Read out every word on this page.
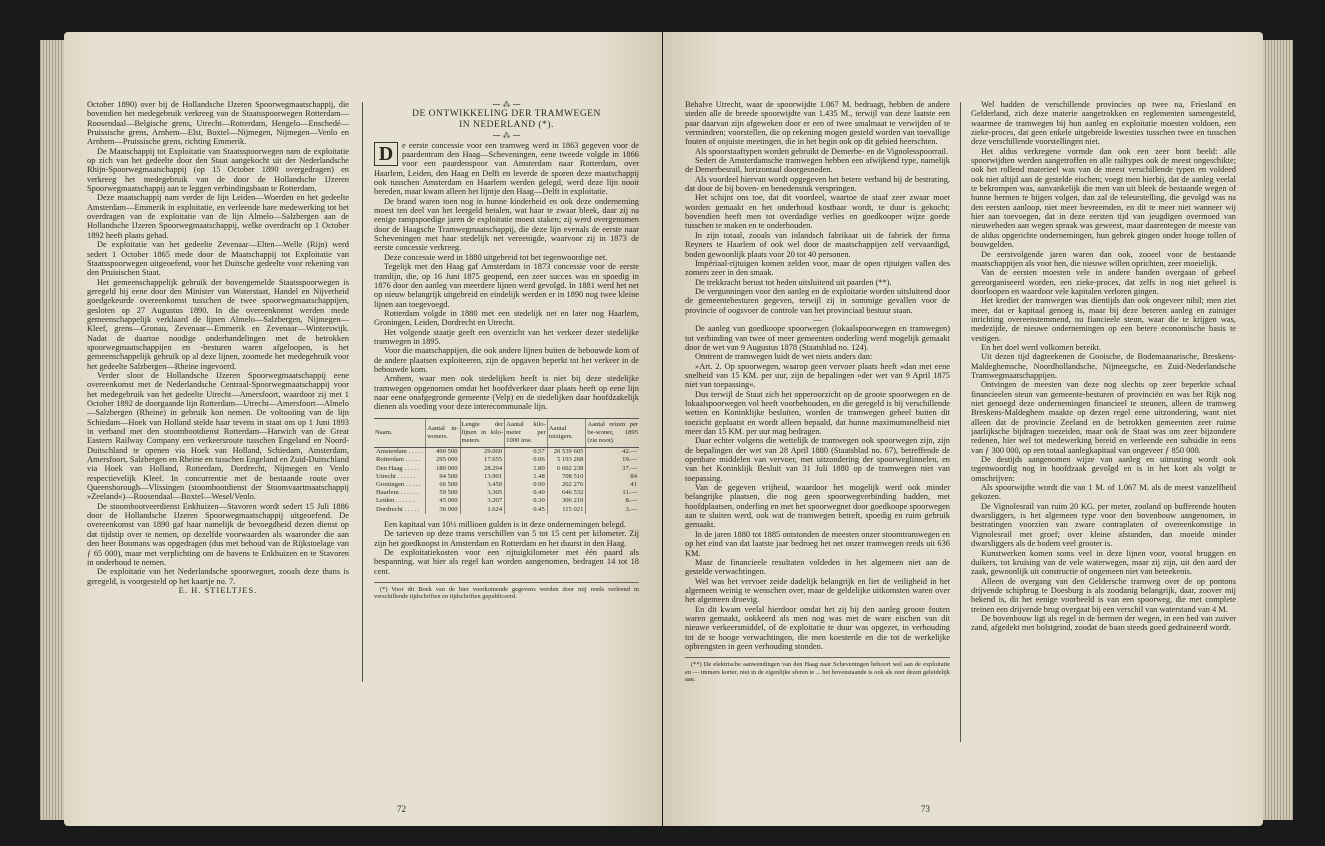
October 1890) over bij de Hollandsche IJzeren Spoorwegmaatschappij, die bovendien het medegebruik verkreeg van de Staatsspoorwegen Rotterdam—Roosendaal—Belgische grens, Utrecht—Rotterdam, Hengelo—Enschedé—Pruissische grens, Arnhem—Elst, Boxtel—Nijmegen, Nijmegen—Venlo en Arnhem—Pruissische grens, richting Emmerik.

De Maatschappij tot Exploitatie van Staatsspoorwegen nam de exploitatie op zich van het gedeelte door den Staat aangekocht uit der Nederlandsche Rhijn-Spoorwegmaatschappij (op 15 October 1890 overgedragen) en verkreeg het medegebruik van de door de Hollandsche IJzeren Spoorwegmaatschappij aan te leggen verbindingsbaan te Rotterdam.

Deze maatschappij nam verder de lijn Leiden—Woerden en het gedeelte Amsterdam—Emmerik in exploitatie, en verleende hare medewerking tot het overdragen van de exploitatie van de lijn Almelo—Salzbergen aan de Hollandsche IJzeren Spoorwegmaatschappij, welke overdracht op 1 October 1892 heeft plaats gehad.

De exploitatie van het gedeelte Zevenaar—Elten—Welle (Rijn) werd sedert 1 October 1865 mede door de Maatschappij tot Exploitatie van Staatsspoorwegen uitgeoefend, voor het Duitsche gedeelte voor rekening van den Pruisischen Staat.

Het gemeenschappelijk gebruik der bovengemelde Staatsspoorwegen is geregeld bij eene door den Minister van Waterstaat, Handel en Nijverheid goedgekeurde overeenkomst tusschen de twee spoorwegmaatschappijen, gesloten op 27 Augustus 1890. In die overeenkomst werden mede gemeenschappelijk verklaard de lijnen Almelo—Salzbergen, Nijmegen—Kleef, grens—Gronau, Zevenaar—Emmerik en Zevenaar—Winterswijk. Nadat de daartoe noodige onderhandelingen met de betrokken spoorwegmaatschappijen en -besturen waren afgeloopen, is het gemeenschappelijk gebruik op al deze lijnen, zoomede het medegebruik voor het gedeelte Salzbergen—Rheine ingevoerd.

Verder sloot de Hollandsche IJzeren Spoorwegmaatschappij eene overeenkomst met de Nederlandsche Centraal-Spoorwegmaatschappij voor het medegebruik van het gedeelte Utrecht—Amersfoort, waardoor zij met 1 October 1892 de doorgaande lijn Rotterdam—Utrecht—Amersfoort—Almelo—Salzbergen (Rheine) in gebruik kon nemen. De voltooiing van de lijn Schiedam—Hoek van Holland stelde haar tevens in staat om op 1 Juni 1893 in verband met den stoombootdienst Rotterdam—Harwich van de Great Eastern Railway Company een verkeersroute tusschen Engeland en Noord-Duitschland te openen via Hoek van Holland, Schiedam, Amsterdam, Amersfoort, Salzbergen en Rheine en tusschen Engeland en Zuid-Duitschland via Hoek van Holland, Rotterdam, Dordrecht, Nijmegen en Venlo respectievelijk Kleef. In concurrentie met de bestaande route over Queensborough—Vlissingen (stoombootdienst der Stoomvaartmaatschappij »Zeeland«)—Roosendaal—Boxtel—Wesel/Venlo.

De stoombootveerdienst Enkhuizen—Stavoren wordt sedert 15 Juli 1886 door de Hollandsche IJzeren Spoorwegmaatschappij uitgeoefend. De overeenkomst van 1890 gaf haar namelijk de bevoegdheid dezen dienst op dat tijdstip over te nemen, op dezelfde voorwaarden als waaronder die aan den heer Boumans was opgedragen (dus met behoud van de Rijkstoelage van ƒ 65 000), maar met verplichting om de havens te Enkhuizen en te Stavoren in onderhoud te nemen.

De exploitatie van het Nederlandsche spoorwegnet, zooals deze thans is geregeld, is voorgesteld op het kaartje no. 7.

E. H. STIELTJES.

⁓ ⁂ ⁓

DE ONTWIKKELING DER TRAMWEGEN
IN NEDERLAND (*).

⁓ ⁂ ⁓
D	e eerste concessie voor een tramweg werd in 1863 gegeven voor de paardentram den Haag—Scheveningen, eene tweede volgde in 1866 voor een paardenspoor van Amsterdam naar Rotterdam, over Haarlem, Leiden, den Haag en Delft en leverde de sporen deze maatschappij ook tusschen Amsterdam en Haarlem werden gelegd, werd deze lijn nooit bereden, maar kwam alleen het lijntje den Haag—Delft in exploitatie.

De brand waren toen nog in hunne kinderheid en ook deze onderneming moest ten deel van het leergeld betalen, wat haar te zwaar bleek, daar zij na eenige rampspoedige jaren de exploitatie moest staken; zij werd overgenomen door de Haagsche Tramwegmaatschappij, die deze lijn evenals de eerste naar Scheveningen met haar stedelijk net vereenigde, waarvoor zij in 1873 de eerste concessie verkreeg.

Deze concessie werd in 1880 uitgebreid tot het tegenwoordige net.

Tegelijk met den Haag gaf Amsterdam in 1873 concessie voor de eerste tramlijn, die, op 16 Juni 1875 geopend, een zeer succes was en spoedig in 1876 door den aanleg van meerdere lijnen werd gevolgd. In 1881 werd het net op nieuw belangrijk uitgebreid en eindelijk werden er in 1890 nog twee kleine lijnen aan toegevoegd.

Rotterdam volgde in 1880 met een stedelijk net en later nog Haarlem, Groningen, Leiden, Dordrecht en Utrecht.

Het volgende staatje geeft een overzicht van het verkeer dezer stedelijke tramwegen in 1895.

Voor die maatschappijen, die ook andere lijnen buiten de bebouwde kom of de andere plaatsen exploiteeren, zijn de opgaven beperkt tot het verkeer in de bebouwde kom.

Arnhem, waar men ook stedelijken heeft is niet bij deze stedelijke tramwegen opgenomen omdat het hoofdverkeer daar plaats heeft op eene lijn naar eene onafgegronde gemeente (Velp) en de stedelijken daar hoofdzakelijk dienen als voeding voor deze interecommunale lijn.

Naam.	Aantal in-woners.	Lengte der lijnen in kilo-meters.	Aantal kilo-meter per 1000 inw.	Aantal reizigers.	Aantal reizen per be-woner, 1895 (zie noot).
Amsterdam . . . . .	490 500	29.060	0.57	20 539 605	42.—
Rotterdam . . . . .	295 000	17.655	0.06	5 193 268	19.—
Den Haag . . . . .	180 000	28.294	1.80	6 602 238	37.—
Utrecht . . . . . .	94 500	13.901	1.48	708 510	84
Groningen . . . . .	66 500	3.450	0.90	202 276	41
Haarlem . . . . . .	59 500	3.305	0.40	646 532	11.—
Leiden . . . . . .	45 000	3.207	0.30	306 210	8.—
Dordrecht . . . . .	36 000	1.624	0.45	115 021	3.—

Een kapitaal van 10½ millioen gulden is in deze ondernemingen belegd.

De tarieven op deze trams verschillen van 5 tot 15 cent per kilometer. Zij zijn het goedkoopst in Amsterdam en Rotterdam en het duurst in den Haag.

De exploitatiekosten voor een rijtuigkilometer met één paard als bespanning, wat hier als regel kan worden aangenomen, bedragen 14 tot 18 cent.

(*) Voor dit Boek van de hier voorkomende gegevens werden door mij reeds verleend in verschillende tijdschriften en tijdschriften gepubliceerd.

72

Behalve Utrecht, waar de spoorwijdte 1.067 M. bedraagt, hebben de andere steden alle de breede spoorwijdte van 1.435 M., terwijl van deze laatste een paar daarvan zijn afgeweken door er een of twee smalmaat te verwijden of te vermindren; voorstellen, die op rekening mogen gesteld worden van toevallige fouten of onjuiste meetingen, die in het begin ook op dit gebied heerschten.

Als spoorstaaftypen worden gebruikt de Demerbe- en de Vignolesspoorrail.

Sedert de Amsterdamsche tramwegen hebben een afwijkend type, namelijk de Demerbesrail, horizontaal doorgesneden.

Als voordeel hiervan wordt opgegeven het betere verband bij de bestrating, dat door de bij boven- en benedenstuk verspringen.

Het schijnt ons toe, dat dit voordeel, waartoe de staaf zeer zwaar moet worden gemaakt en het onderhoud kostbaar wordt, te duur is gekocht; bovendien heeft men tot overdadige verlies en goedkooper wijze goede tusschen te maken en te onderhouden.

In zijn totaal, zooals van inlandsch fabrikaat uit de fabriek der firma Reyners te Haarlem of ook wel door de maatschappijen zelf vervaardigd, boden gewoonlijk plaats voor 20 tot 40 personen.

Impériaal-rijtuigen komen zelden voor, maar de open rijtuigen vallen des zomers zeer in den smaak.

De trekkracht berust tot heden uitsluitend uit paarden (**).

De vergunningen voor den aanleg en de exploitatie worden uitsluitend door de gemeentebesturen gegeven, terwijl zij in sommige gevallen voor de provincie of oogsvoer de controle van het provinciaal bestuur staan.

—

De aanleg van goedkoope spoorwegen (lokaalspoorwegen en tramwegen) tot verbinding van twee of meer gemeenten onderling werd mogelijk gemaakt door de wet van 9 Augustus 1878 (Staatsblad no. 124).

Omtrent de tramwegen luidt de wet niets anders dan:

»Art. 2. Op spoorwegen, waarop geen vervoer plaats heeft »dan met eene snelheid van 15 KM. per uur, zijn de bepalingen »der wet van 9 April 1875 niet van toepassing«.

Dus terwijl de Staat zich het opperoorzicht op de groote spoorwegen en de lokaalspoorwegen vol heeft voorbehouden, en die geregeld is bij verschillende wetten en Koninklijke besluiten, worden de tramwegen geheel buiten dit toezicht geplaatst en wordt alleen bepaald, dat hunne maximumsnelheid niet meer dan 15 KM. per uur mag bedragen.

Daar echter volgens die wettelijk de tramwegen ook spoorwegen zijn, zijn de bepalingen der wet van 28 April 1880 (Staatsblad no. 67), betreffende de openbare middelen van vervoer, met uitzondering der spoorweglinnelen, en van het Koninklijk Besluit van 31 Juli 1880 op de tramwegen niet van toepassing.

Van de gegeven vrijheid, waardoor het mogelijk werd ook minder belangrijke plaatsen, die nog geen spoorwegverbinding hadden, met hoofdplaatsen, onderling en met het spoorwegnet door goedkoope spoorwegen aan te sluiten werd, ook wat de tramwegen betreft, spoedig en ruim gebruik gemaakt.

In de jaren 1880 tot 1885 ontstonden de meesten onzer stoomtramwegen en op het eind van dat laatste jaar bedroeg het net onzer tramwegen reeds uit 636 KM.

Maar de financieele resultaten voldeden in het algemeen niet aan de gestelde verwachtingen.

Wel was het vervoer zeide dadelijk belangrijk en liet de veiligheid in het algemeen weinig te wenschen over, maar de geldelijke uitkomsten waren over het algemeen droevig.

En dit kwam veelal hierdoor omdat het zij bij den aanleg groote fouten waren gemaakt, ookkeerd als men nog was met de ware eischen van dit nieuwe verkeersmiddel, of de exploitatie te duur was opgezet, in verhouding tot de te hooge verwachtingen, die men koesterde en die tot de werkelijke opbrengsten in geen verhouding stonden.

(**) De elektrische aanwendingen van den Haag naar Scheveningen behoort wel aan de exploitatie en — immers korter, niet in de eigenlijke sferen te ... het bovenstaande is ook als zeer dezen geleidelijk aan.

Wel hadden de verschillende provincies op twee na, Friesland en Gelderland, zich deze materie aangetrokken en reglementen samengesteld, waarmee de tramwegen bij hun aanleg en exploitatie moesten voldoen, een zieke-proces, dat geen enkele uitgebreide kwesties tusschen twee en tusschen deze verschillende voorstellingen niet.

Het aldus verkregene vormde dan ook een zeer bont beeld: alle spoorwijdten werden aangetroffen en alle railtypes ook de meest ongeschikte; ook het rollend materieel was van de meest verschillende typen en voldeed ook niet altijd aan de gestelde eischen; voegt men hierbij, dat de aanleg veelal te bekrompen was, aanvankelijk die men van uit bleek de bestaande wegen of hunne bermen te bijgen volgen, dan zal de teleurstelling, die gevolgd was na den eersten aanloop, niet meer bevreemden, en dit te meer niet wanneer wij hier aan toevoegen, dat in deze eersten tijd van jeugdigen overmoed van nieuweheden aan wegen spraak was geweest, maar daarentegen de meeste van de aldus opgerichte ondernemingen, hun gebrek gingen onder hooge tollen of bouwgelden.

De eerstvolgende jaren waren dan ook, zooeel voor de bestaande maatschappijen als voor hen, die nieuwe willen oprichten, zeer moeielijk.

Van de eersten moesten vele in andere handen overgaan of geheel gereorganiseerd worden, een zieke-proces, dat zelfs in nog niet geheel is doorloopen en waardoor vele kapitalen verloren gingen.

Het krediet der tramwegen was dientijds dan ook ongeveer nihil; men ziet meer, dat er kapitaal genoeg is, maar bij deze beteren aanleg en zuiniger inrichting overeenstemmend, nu fiancieele steun, waar die te krijgen was, medezijde, de nieuwe ondernemingen op een betere economische basis te vestigen.

En het doel werd volkomen bereikt.

Uit dezen tijd dagteekenen de Gooische, de Bodemaanarische, Breskens-Maldeghemsche, Noordhollandsche, Nijmeegsche, en Zuid-Nederlandsche Tramwegmaatschappijen.

Ontvingen de meesten van deze nog slechts op zeer beperkte schaal financieelen steun van gemeente-besturen of provinciën en was het Rijk nog niet genoegd deze ondernemingen financieel te steunen, alleen de tramweg Breskens-Maldeghem maakte op dezen regel eene uitzondering, want niet alleen dat de provincie Zeeland en de betrokken gemeenten zeer ruime jaarlijksche bijdragen toezeiden, maar ook de Staat was om zeer bijzondere redenen, hier wel tot medewerking bereid en verleende een subsidie in eens van ƒ 300 000, op een totaal aanlegkapitaal van ongeveer ƒ 850 000.

De destijds aangenomen wijze van aanleg en uitrusting wordt ook tegenwoordig nog in hoofdzaak gevolgd en is in het kort als volgt te omschrijven:

Als spoorwijdte wordt die van 1 M. of 1.067 M. als de meest vanzelfheid gekozen.

De Vignolesrail van ruim 20 KG. per meter, zooland op bufferende houten dwarsliggers, is het algemeen type voor den bovenbouw aangenomen, in bestratingen voorzien van zware contraplaten of overeenkomstige in Vignolesrail met groef; over kleine afstanden, dan moeide minder dwarsliggers als de bodem veel grooter is.

Kunstwerken komen soms veel in deze lijnen voor, vooral bruggen en duikers, tot kruising van de vele waterwegen, maar zij zijn, uit den aard der zaak, gewoonlijk uit constructie of ongemeen niet van beteekenis.

Alleen de overgang van den Geldersche tramweg over de op pontons drijvende schipbrug te Doesburg is als zoodanig belangrijk, daar, zoover mij bekend is, dit het eenige voorbeeld is van een spoorweg, die met complete treinen een drijvende brug overgaat bij een verschil van waterstand van 4 M.

De bovenbouw ligt als regel in de bermen der wegen, in een bed van zuiver zand, afgedekt met bolstgrind, zoodat de baan steeds goed gedraineerd wordt.

73
